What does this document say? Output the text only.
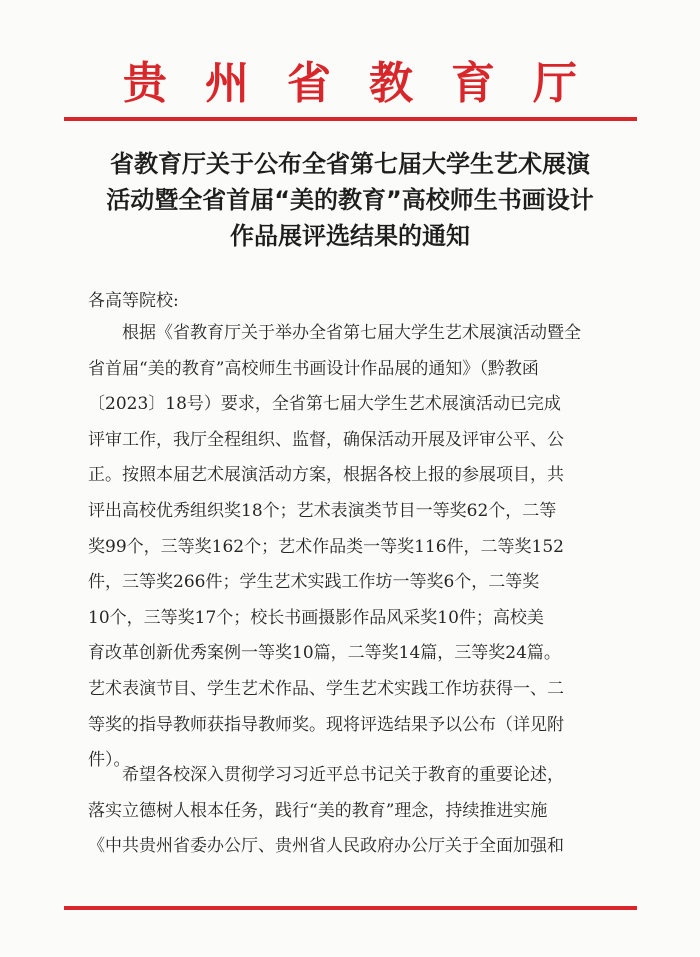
贵州省教育厅
省教育厅关于公布全省第七届大学生艺术展演
活动暨全省首届“美的教育”高校师生书画设计
作品展评选结果的通知
各高等院校:
根据《省教育厅关于举办全省第七届大学生艺术展演活动暨全
省首届“美的教育”高校师生书画设计作品展的通知》（黔教函
〔2023〕18号）要求，全省第七届大学生艺术展演活动已完成
评审工作，我厅全程组织、监督，确保活动开展及评审公平、公
正。按照本届艺术展演活动方案，根据各校上报的参展项目，共
评出高校优秀组织奖18个；艺术表演类节目一等奖62个，二等
奖99个，三等奖162个；艺术作品类一等奖116件，二等奖152
件，三等奖266件；学生艺术实践工作坊一等奖6个，二等奖
10个，三等奖17个；校长书画摄影作品风采奖10件；高校美
育改革创新优秀案例一等奖10篇，二等奖14篇，三等奖24篇。
艺术表演节目、学生艺术作品、学生艺术实践工作坊获得一、二
等奖的指导教师获指导教师奖。现将评选结果予以公布（详见附
件）。
希望各校深入贯彻学习习近平总书记关于教育的重要论述，
落实立德树人根本任务，践行“美的教育”理念，持续推进实施
《中共贵州省委办公厅、贵州省人民政府办公厅关于全面加强和
